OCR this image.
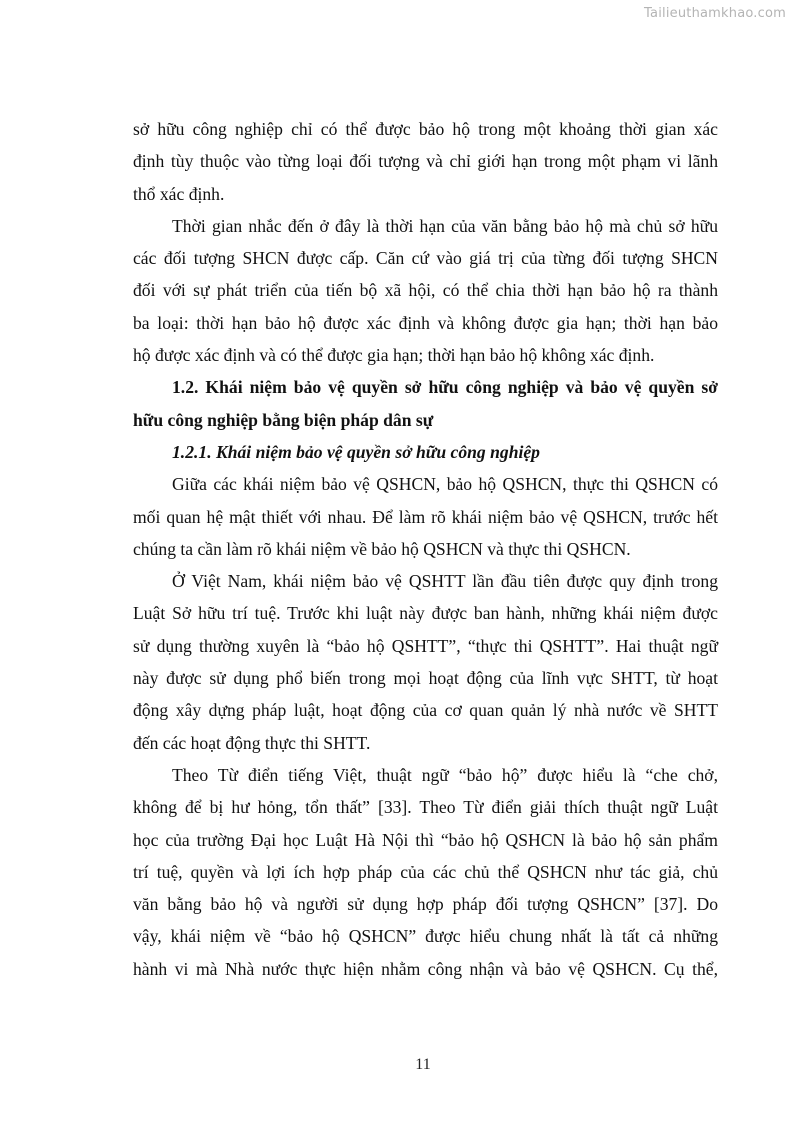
Tailieuthamkhao.com
sở hữu công nghiệp chỉ có thể được bảo hộ trong một khoảng thời gian xác
định tùy thuộc vào từng loại đối tượng và chỉ giới hạn trong một phạm vi lãnh
thổ xác định.
Thời gian nhắc đến ở đây là thời hạn của văn bằng bảo hộ mà chủ sở hữu
các đối tượng SHCN được cấp. Căn cứ vào giá trị của từng đối tượng SHCN
đối với sự phát triển của tiến bộ xã hội, có thể chia thời hạn bảo hộ ra thành
ba loại: thời hạn bảo hộ được xác định và không được gia hạn; thời hạn bảo
hộ được xác định và có thể được gia hạn; thời hạn bảo hộ không xác định.
1.2. Khái niệm bảo vệ quyền sở hữu công nghiệp và bảo vệ quyền sở
hữu công nghiệp bằng biện pháp dân sự
1.2.1. Khái niệm bảo vệ quyền sở hữu công nghiệp
Giữa các khái niệm bảo vệ QSHCN, bảo hộ QSHCN, thực thi QSHCN có
mối quan hệ mật thiết với nhau. Để làm rõ khái niệm bảo vệ QSHCN, trước hết
chúng ta cần làm rõ khái niệm về bảo hộ QSHCN và thực thi QSHCN.
Ở Việt Nam, khái niệm bảo vệ QSHTT lần đầu tiên được quy định trong
Luật Sở hữu trí tuệ. Trước khi luật này được ban hành, những khái niệm được
sử dụng thường xuyên là “bảo hộ QSHTT”, “thực thi QSHTT”. Hai thuật ngữ
này được sử dụng phổ biến trong mọi hoạt động của lĩnh vực SHTT, từ hoạt
động xây dựng pháp luật, hoạt động của cơ quan quản lý nhà nước về SHTT
đến các hoạt động thực thi SHTT.
Theo Từ điển tiếng Việt, thuật ngữ “bảo hộ” được hiểu là “che chở,
không để bị hư hỏng, tổn thất” [33]. Theo Từ điển giải thích thuật ngữ Luật
học của trường Đại học Luật Hà Nội thì “bảo hộ QSHCN là bảo hộ sản phẩm
trí tuệ, quyền và lợi ích hợp pháp của các chủ thể QSHCN như tác giả, chủ
văn bằng bảo hộ và người sử dụng hợp pháp đối tượng QSHCN” [37]. Do
vậy, khái niệm về “bảo hộ QSHCN” được hiểu chung nhất là tất cả những
hành vi mà Nhà nước thực hiện nhằm công nhận và bảo vệ QSHCN. Cụ thể,
11
